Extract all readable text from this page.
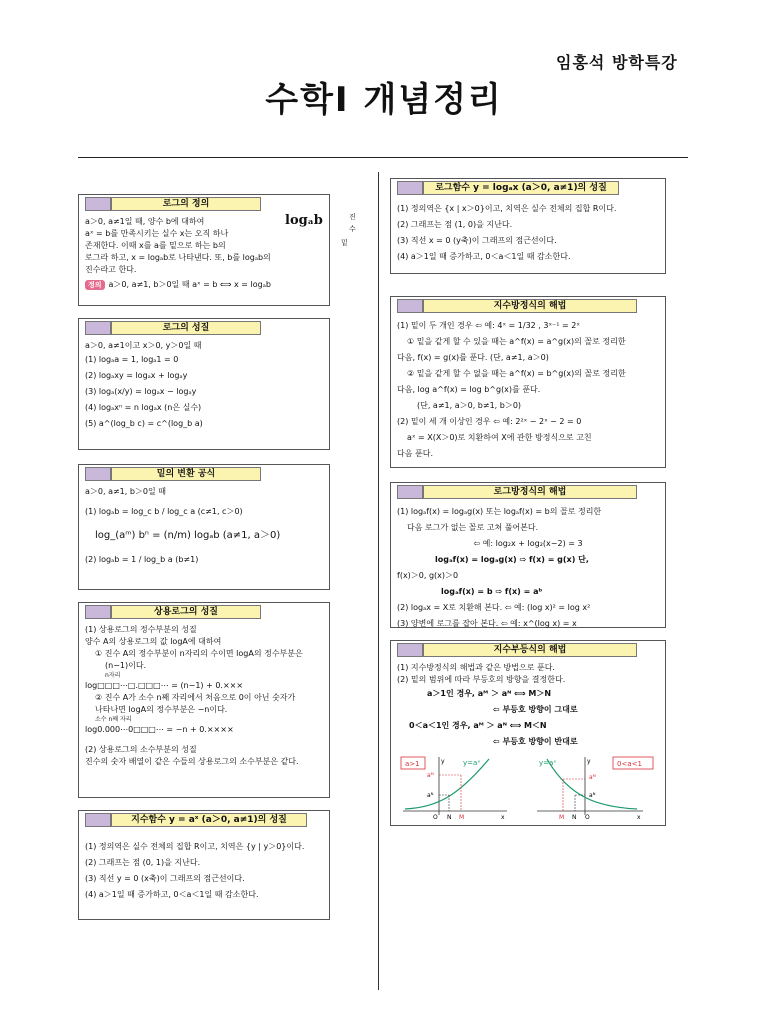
임홍석 방학특강
수학Ⅰ 개념정리
로그의 정의
a＞0, a≠1일 때, 양수 b에 대하여
aˣ = b를 만족시키는 실수 x는 오직 하나
존재한다. 이때 x를 a를 밑으로 하는 b의
로그라 하고, x = logₐb로 나타낸다. 또, b를 logₐb의
진수라고 한다.
정의 a＞0, a≠1, b＞0일 때 aˣ = b ⟺ x = logₐb
logₐb	진수
밑
로그의 성질
a＞0, a≠1이고 x＞0, y＞0일 때
(1) logₐa = 1, logₐ1 = 0
(2) logₐxy = logₐx + logₐy
(3) logₐ(x/y) = logₐx − logₐy
(4) logₐxⁿ = n logₐx (n은 실수)
(5) a^(log_b c) = c^(log_b a)
밑의 변환 공식
a＞0, a≠1, b＞0일 때
(1) logₐb = log_c b / log_c a (c≠1, c＞0)
log_(aᵐ) bⁿ = (n/m) logₐb (a≠1, a＞0)
(2) logₐb = 1 / log_b a (b≠1)
상용로그의 성질
(1) 상용로그의 정수부분의 성질
양수 A의 상용로그의 값 logA에 대하여
① 진수 A의 정수부분이 n자리의 수이면 logA의 정수부분은
(n−1)이다.
n자리
log□□□⋯□.□□□⋯ = (n−1) + 0.×××
② 진수 A가 소수 n째 자리에서 처음으로 0이 아닌 숫자가
나타나면 logA의 정수부분은 −n이다.
소수 n째 자리
log0.000⋯0□□□⋯ = −n + 0.××××
(2) 상용로그의 소수부분의 성질
진수의 숫자 배열이 같은 수들의 상용로그의 소수부분은 같다.
지수함수 y = aˣ (a＞0, a≠1)의 성질
(1) 정의역은 실수 전체의 집합 R이고, 치역은 {y | y＞0}이다.
(2) 그래프는 점 (0, 1)을 지난다.
(3) 직선 y = 0 (x축)이 그래프의 점근선이다.
(4) a＞1일 때 증가하고, 0＜a＜1일 때 감소한다.
로그함수 y = logₐx (a＞0, a≠1)의 성질
(1) 정의역은 {x | x＞0}이고, 치역은 실수 전체의 집합 R이다.
(2) 그래프는 점 (1, 0)을 지난다.
(3) 직선 x = 0 (y축)이 그래프의 점근선이다.
(4) a＞1일 때 증가하고, 0＜a＜1일 때 감소한다.
지수방정식의 해법
(1) 밑이 두 개인 경우 ⇦ 예: 4ˣ = 1/32 , 3ˣ⁻¹ = 2ˣ
① 밑을 같게 할 수 있을 때는 a^f(x) = a^g(x)의 꼴로 정리한
다음, f(x) = g(x)를 푼다. (단, a≠1, a＞0)
② 밑을 같게 할 수 없을 때는 a^f(x) = b^g(x)의 꼴로 정리한
다음, log a^f(x) = log b^g(x)를 푼다.
(단, a≠1, a＞0, b≠1, b＞0)
(2) 밑이 세 개 이상인 경우 ⇦ 예: 2²ˣ − 2ˣ − 2 = 0
aˣ = X(X＞0)로 치환하여 X에 관한 방정식으로 고친
다음 푼다.
로그방정식의 해법
(1) logₐf(x) = logₐg(x) 또는 logₐf(x) = b의 꼴로 정리한
다음 로그가 없는 꼴로 고쳐 풀어본다.
⇦ 예: log₂x + log₂(x−2) = 3
logₐf(x) = logₐg(x) ⇨ f(x) = g(x) 단,
f(x)＞0, g(x)＞0
logₐf(x) = b ⇨ f(x) = aᵇ
(2) logₐx = X로 치환해 본다. ⇦ 예: (log x)² = log x²
(3) 양변에 로그를 잡아 본다. ⇦ 예: x^(log x) = x
지수부등식의 해법
(1) 지수방정식의 해법과 같은 방법으로 푼다.
(2) 밑의 범위에 따라 부등호의 방향을 결정한다.
a＞1인 경우, aᴹ ＞ aᴺ ⟺ M＞N
⇦ 부등호 방향이 그대로
0＜a＜1인 경우, aᴹ ＞ aᴺ ⟺ M＜N
⇦ 부등호 방향이 반대로
a>1	y=aˣ
aᴹ
aᴺ
y
O N M	x
0<a<1
y=aˣ
aᴹ
aᴺ
y
M N O	x
